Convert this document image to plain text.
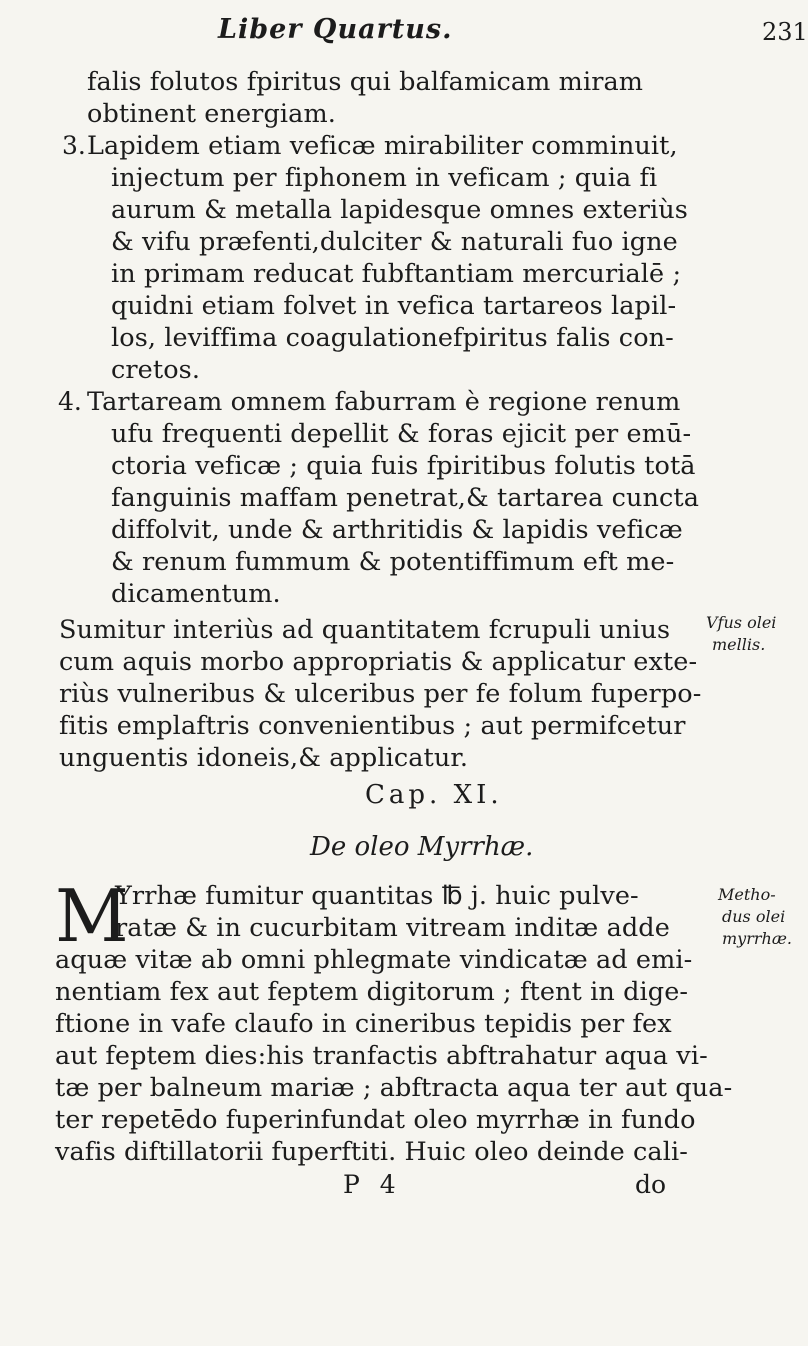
Liber Quartus.	231
falis folutos fpiritus qui balfamicam miram
obtinent energiam.
3. Lapidem etiam veficæ mirabiliter comminuit,
injectum per fiphonem in veficam ; quia fi
aurum & metalla lapidesque omnes exteriùs
& vifu præfenti,dulciter & naturali fuo igne
in primam reducat fubftantiam mercurialē ;
quidni etiam folvet in vefica tartareos lapil-
los, leviffima coagulationefpiritus falis con-
cretos.
4. Tartaream omnem faburram è regione renum
ufu frequenti depellit & foras ejicit per emū-
ctoria veficæ ; quia fuis fpiritibus folutis totā
fanguinis maffam penetrat,& tartarea cuncta
diffolvit, unde & arthritidis & lapidis veficæ
& renum fummum & potentiffimum eft me-
dicamentum.
Sumitur interiùs ad quantitatem fcrupuli unius
cum aquis morbo appropriatis & applicatur exte-
riùs vulneribus & ulceribus per fe folum fuperpo-
fitis emplaftris convenientibus ; aut permifcetur
unguentis idoneis,& applicatur.
Vfus olei
mellis.
Cap. XI.
De oleo Myrrhæ.
M
Yrrhæ fumitur quantitas ℔ j. huic pulve-
ratæ & in cucurbitam vitream inditæ adde
aquæ vitæ ab omni phlegmate vindicatæ ad emi-
nentiam fex aut feptem digitorum ; ftent in dige-
ftione in vafe claufo in cineribus tepidis per fex
aut feptem dies:his tranfactis abftrahatur aqua vi-
tæ per balneum mariæ ; abftracta aqua ter aut qua-
ter repetēdo fuperinfundat oleo myrrhæ in fundo
vafis diftillatorii fuperftiti. Huic oleo deinde cali-
Metho-
dus olei
myrrhæ.
P 4	do
